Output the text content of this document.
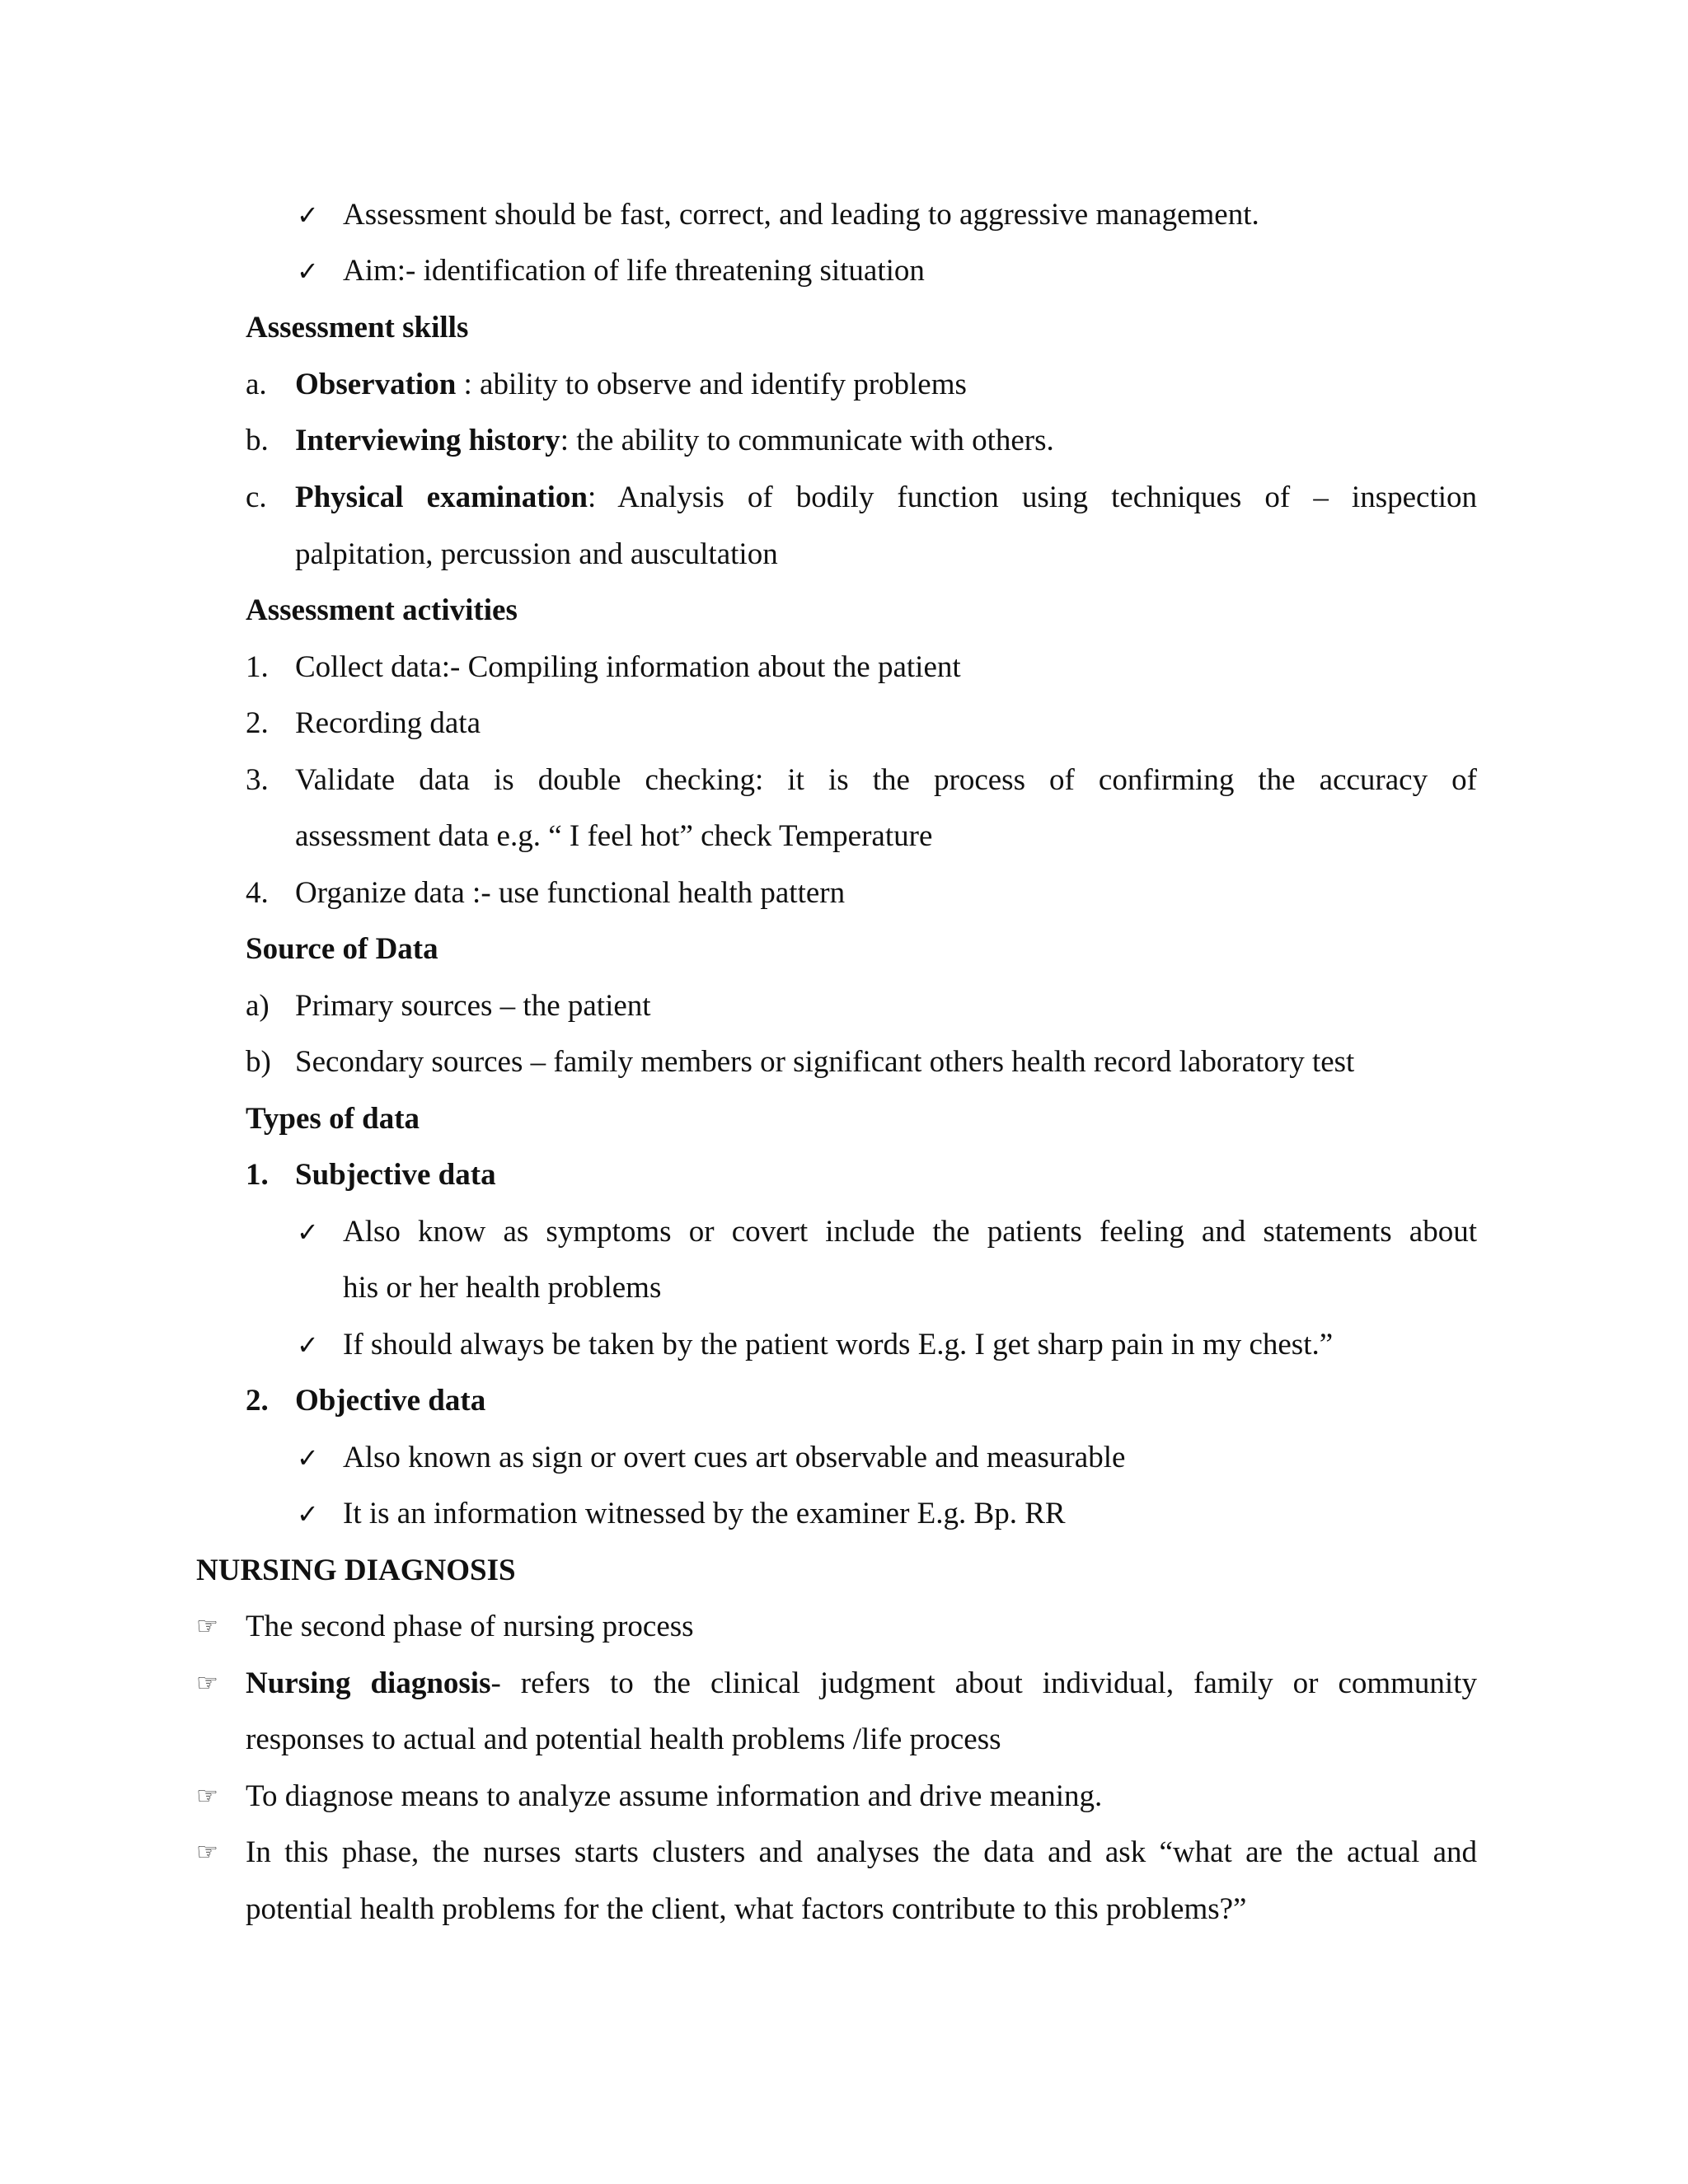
✓ Assessment should be fast, correct, and leading to aggressive management.
✓ Aim:- identification of life threatening situation
Assessment skills
a. Observation : ability to observe and identify problems
b. Interviewing history: the ability to communicate with others.
c. Physical examination: Analysis of bodily function using techniques of – inspection
palpitation, percussion and auscultation
Assessment activities
1. Collect data:- Compiling information about the patient
2. Recording data
3. Validate data is double checking: it is the process of confirming the accuracy of
assessment data e.g. “ I feel hot” check Temperature
4. Organize data :- use functional health pattern
Source of Data
a) Primary sources – the patient
b) Secondary sources – family members or significant others health record laboratory test
Types of data
1. Subjective data
✓ Also know as symptoms or covert include the patients feeling and statements about
his or her health problems
✓ If should always be taken by the patient words E.g. I get sharp pain in my chest.”
2. Objective data
✓ Also known as sign or overt cues art observable and measurable
✓ It is an information witnessed by the examiner E.g. Bp. RR
NURSING DIAGNOSIS
☞ The second phase of nursing process
☞ Nursing diagnosis- refers to the clinical judgment about individual, family or community
responses to actual and potential health problems /life process
☞ To diagnose means to analyze assume information and drive meaning.
☞ In this phase, the nurses starts clusters and analyses the data and ask “what are the actual and
potential health problems for the client, what factors contribute to this problems?”
